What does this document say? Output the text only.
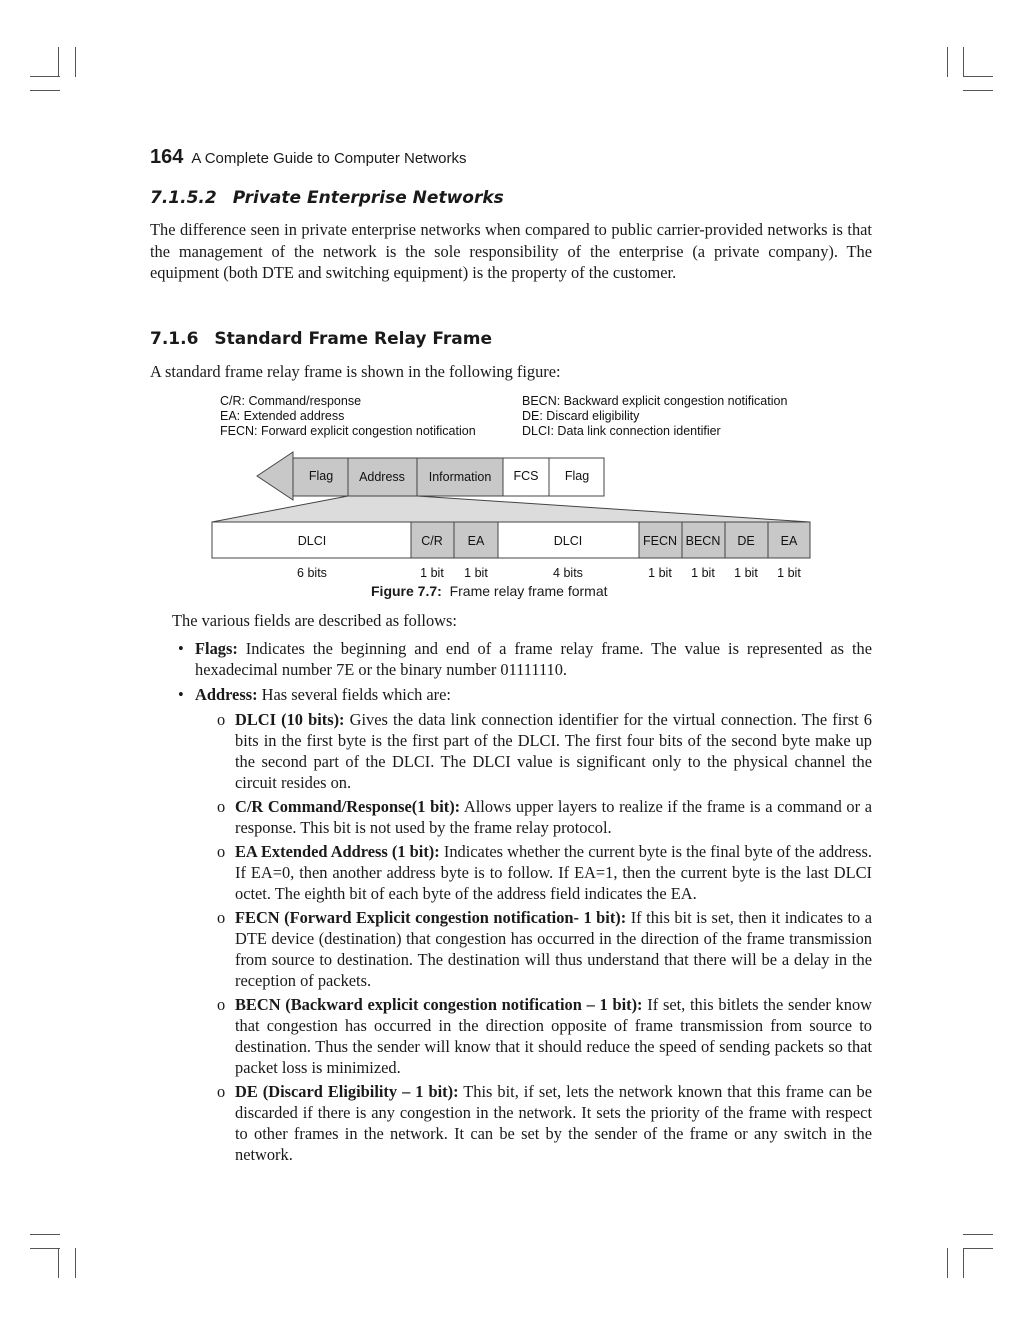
164 A Complete Guide to Computer Networks
7.1.5.2 Private Enterprise Networks
The difference seen in private enterprise networks when compared to public carrier-provided networks is that the management of the network is the sole responsibility of the enterprise (a private company). The equipment (both DTE and switching equipment) is the property of the customer.
7.1.6 Standard Frame Relay Frame
A standard frame relay frame is shown in the following figure:
C/R: Command/response
EA: Extended address
FECN: Forward explicit congestion notification
BECN: Backward explicit congestion notification
DE: Discard eligibility
DLCI: Data link connection identifier
Flag Address Information FCS Flag
DLCI	C/R EA	DLCI	FECN BECN DE EA
6 bits	1 bit 1 bit	4 bits	1 bit 1 bit 1 bit 1 bit
Figure 7.7: Frame relay frame format
The various fields are described as follows:
• Flags: Indicates the beginning and end of a frame relay frame. The value is represented as the hexadecimal number 7E or the binary number 01111110.
• Address: Has several fields which are:
o DLCI (10 bits): Gives the data link connection identifier for the virtual connection. The first 6 bits in the first byte is the first part of the DLCI. The first four bits of the second byte make up the second part of the DLCI. The DLCI value is significant only to the physical channel the circuit resides on.
o C/R Command/Response(1 bit): Allows upper layers to realize if the frame is a command or a response. This bit is not used by the frame relay protocol.
o EA Extended Address (1 bit): Indicates whether the current byte is the final byte of the address. If EA=0, then another address byte is to follow. If EA=1, then the current byte is the last DLCI octet. The eighth bit of each byte of the address field indicates the EA.
o FECN (Forward Explicit congestion notification- 1 bit): If this bit is set, then it indicates to a DTE device (destination) that congestion has occurred in the direction of the frame transmission from source to destination. The destination will thus understand that there will be a delay in the reception of packets.
o BECN (Backward explicit congestion notification – 1 bit): If set, this bitlets the sender know that congestion has occurred in the direction opposite of frame transmission from source to destination. Thus the sender will know that it should reduce the speed of sending packets so that packet loss is minimized.
o DE (Discard Eligibility – 1 bit): This bit, if set, lets the network known that this frame can be discarded if there is any congestion in the network. It sets the priority of the frame with respect to other frames in the network. It can be set by the sender of the frame or any switch in the network.
